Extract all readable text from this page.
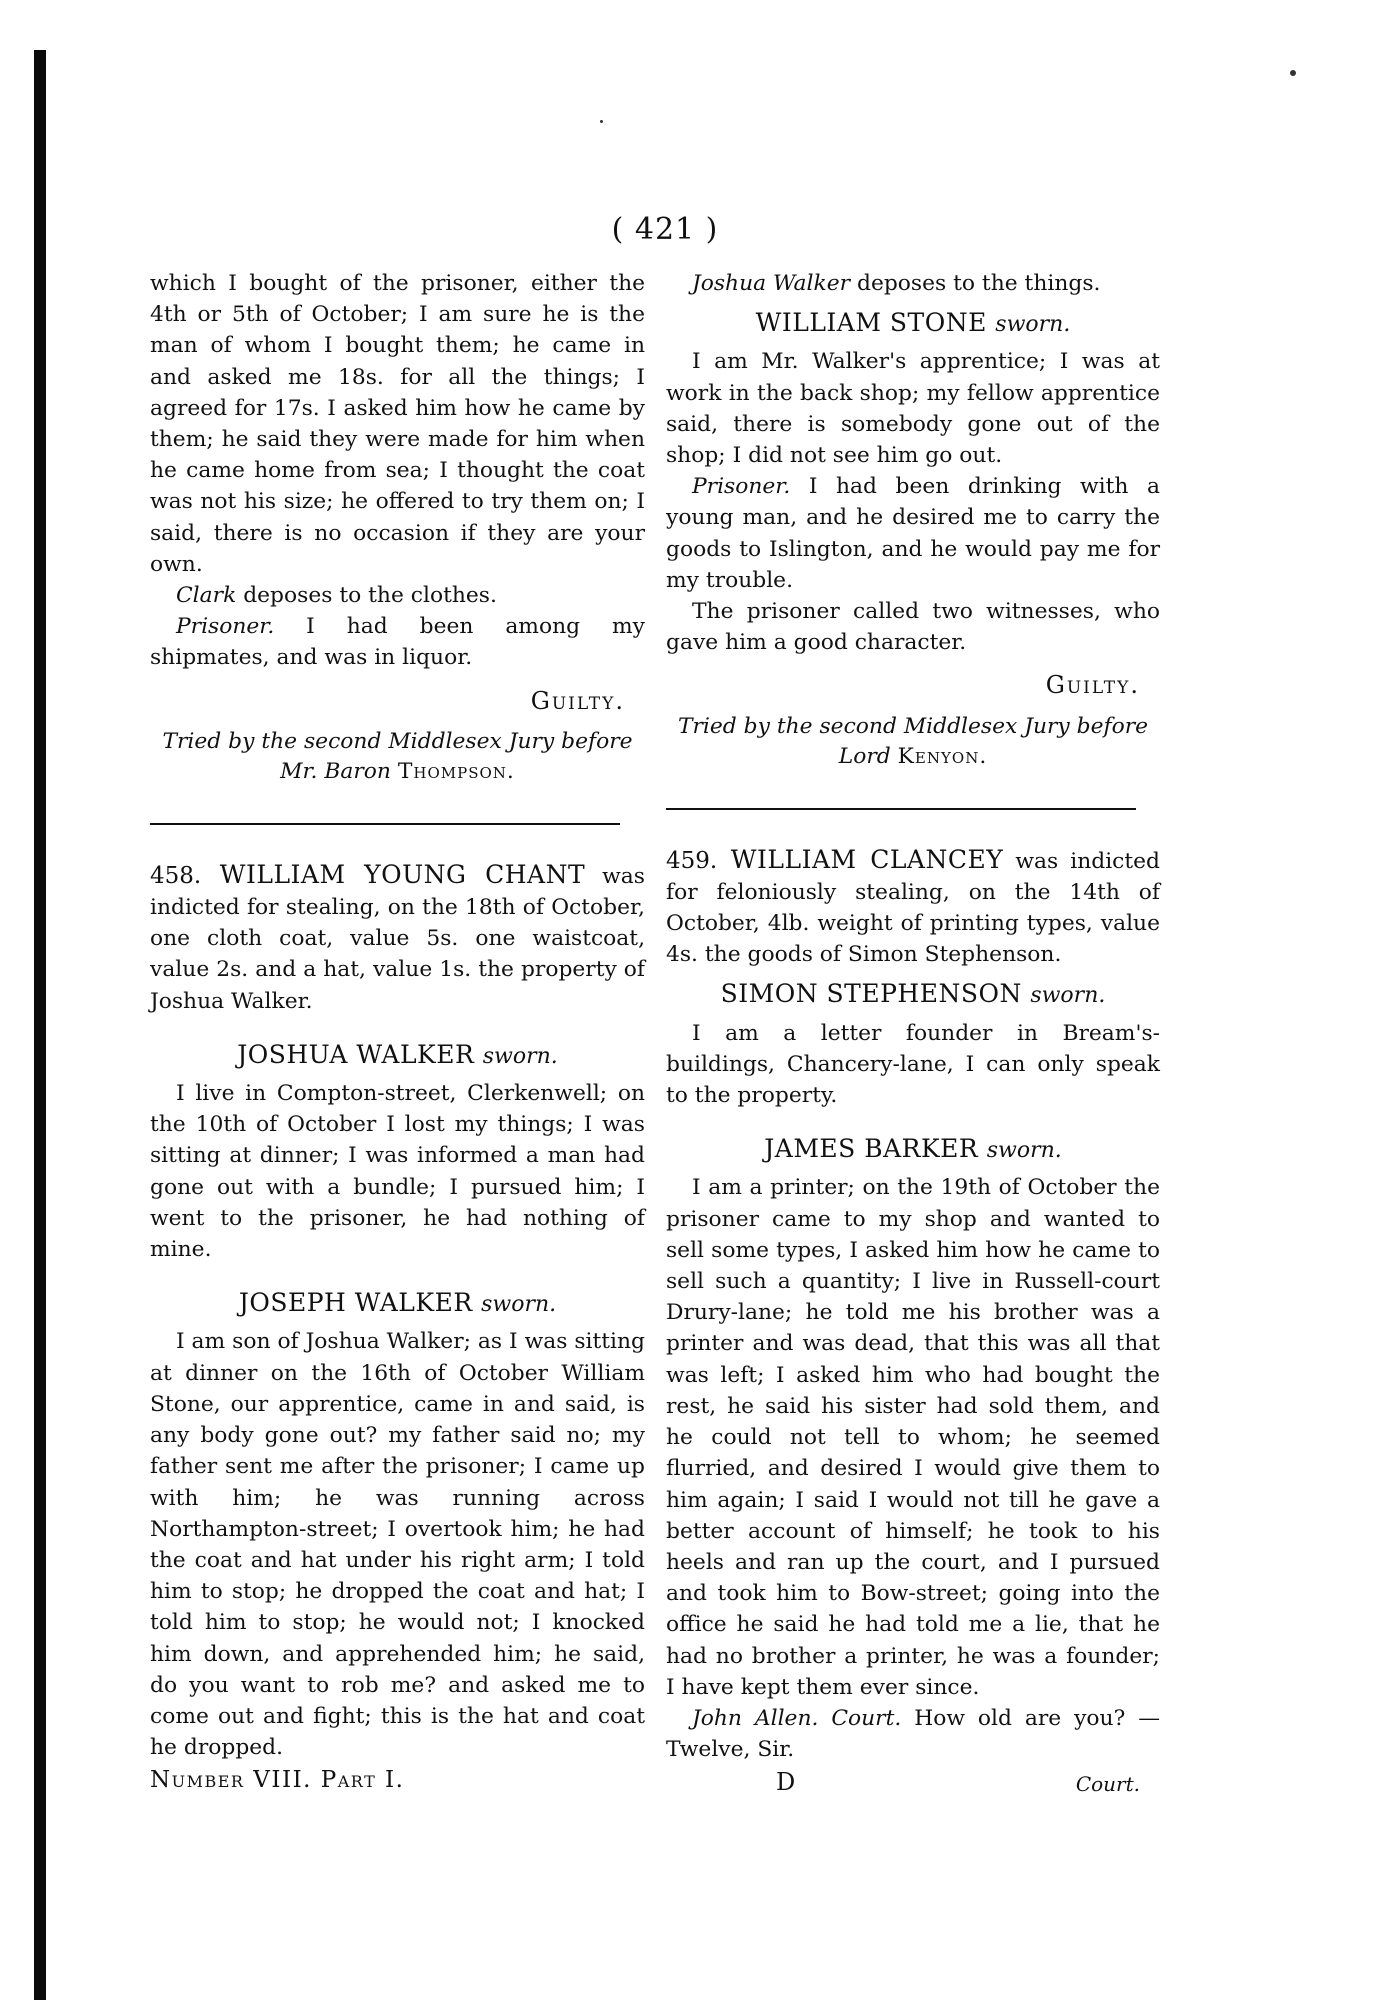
( 421 )

which I bought of the prisoner, either the 4th or 5th of October; I am sure he is the man of whom I bought them; he came in and asked me 18s. for all the things; I agreed for 17s. I asked him how he came by them; he said they were made for him when he came home from sea; I thought the coat was not his size; he offered to try them on; I said, there is no occasion if they are your own.

Clark deposes to the clothes.

Prisoner. I had been among my shipmates, and was in liquor.

Guilty.
Tried by the second Middlesex Jury before Mr. Baron Thompson.

458. WILLIAM YOUNG CHANT was indicted for stealing, on the 18th of October, one cloth coat, value 5s. one waistcoat, value 2s. and a hat, value 1s. the property of Joshua Walker.

JOSHUA WALKER sworn.

I live in Compton-street, Clerkenwell; on the 10th of October I lost my things; I was sitting at dinner; I was informed a man had gone out with a bundle; I pursued him; I went to the prisoner, he had nothing of mine.

JOSEPH WALKER sworn.

I am son of Joshua Walker; as I was sitting at dinner on the 16th of October William Stone, our apprentice, came in and said, is any body gone out? my father said no; my father sent me after the prisoner; I came up with him; he was running across Northampton-street; I overtook him; he had the coat and hat under his right arm; I told him to stop; he dropped the coat and hat; I told him to stop; he would not; I knocked him down, and apprehended him; he said, do you want to rob me? and asked me to come out and fight; this is the hat and coat he dropped.

Number VIII. Part I.

Joshua Walker deposes to the things.

WILLIAM STONE sworn.

I am Mr. Walker's apprentice; I was at work in the back shop; my fellow apprentice said, there is somebody gone out of the shop; I did not see him go out.

Prisoner. I had been drinking with a young man, and he desired me to carry the goods to Islington, and he would pay me for my trouble.

The prisoner called two witnesses, who gave him a good character.

Guilty.
Tried by the second Middlesex Jury before Lord Kenyon.

459. WILLIAM CLANCEY was indicted for feloniously stealing, on the 14th of October, 4lb. weight of printing types, value 4s. the goods of Simon Stephenson.

SIMON STEPHENSON sworn.

I am a letter founder in Bream's-buildings, Chancery-lane, I can only speak to the property.

JAMES BARKER sworn.

I am a printer; on the 19th of October the prisoner came to my shop and wanted to sell some types, I asked him how he came to sell such a quantity; I live in Russell-court Drury-lane; he told me his brother was a printer and was dead, that this was all that was left; I asked him who had bought the rest, he said his sister had sold them, and he could not tell to whom; he seemed flurried, and desired I would give them to him again; I said I would not till he gave a better account of himself; he took to his heels and ran up the court, and I pursued and took him to Bow-street; going into the office he said he had told me a lie, that he had no brother a printer, he was a founder; I have kept them ever since.

John Allen. Court. How old are you? —Twelve, Sir.

D	Court.
